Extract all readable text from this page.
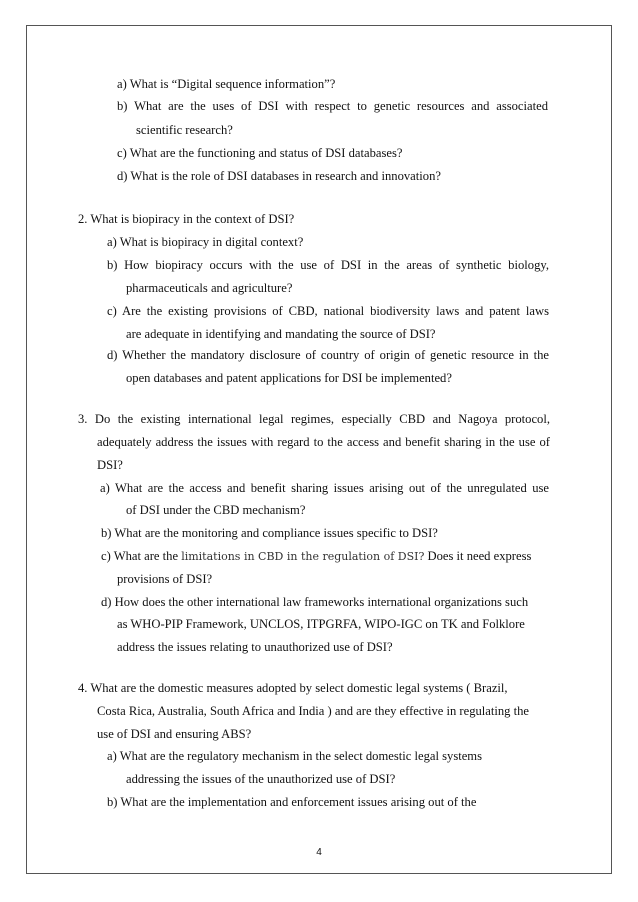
a) What is “Digital sequence information”?
b) What are the uses of DSI with respect to genetic resources and associated
scientific research?
c) What are the functioning and status of DSI databases?
d) What is the role of DSI databases in research and innovation?
2. What is biopiracy in the context of DSI?
a) What is biopiracy in digital context?
b) How biopiracy occurs with the use of DSI in the areas of synthetic biology,
pharmaceuticals and agriculture?
c) Are the existing provisions of CBD, national biodiversity laws and patent laws
are adequate in identifying and mandating the source of DSI?
d) Whether the mandatory disclosure of country of origin of genetic resource in the
open databases and patent applications for DSI be implemented?
3. Do the existing international legal regimes, especially CBD and Nagoya protocol,
adequately address the issues with regard to the access and benefit sharing in the use of
DSI?
a) What are the access and benefit sharing issues arising out of the unregulated use
of DSI under the CBD mechanism?
b) What are the monitoring and compliance issues specific to DSI?
c) What are the limitations in CBD in the regulation of DSI? Does it need express
provisions of DSI?
d) How does the other international law frameworks international organizations such
as WHO-PIP Framework, UNCLOS, ITPGRFA, WIPO-IGC on TK and Folklore
address the issues relating to unauthorized use of DSI?
4. What are the domestic measures adopted by select domestic legal systems ( Brazil,
Costa Rica, Australia, South Africa and India ) and are they effective in regulating the
use of DSI and ensuring ABS?
a) What are the regulatory mechanism in the select domestic legal systems
addressing the issues of the unauthorized use of DSI?
b) What are the implementation and enforcement issues arising out of the
4
